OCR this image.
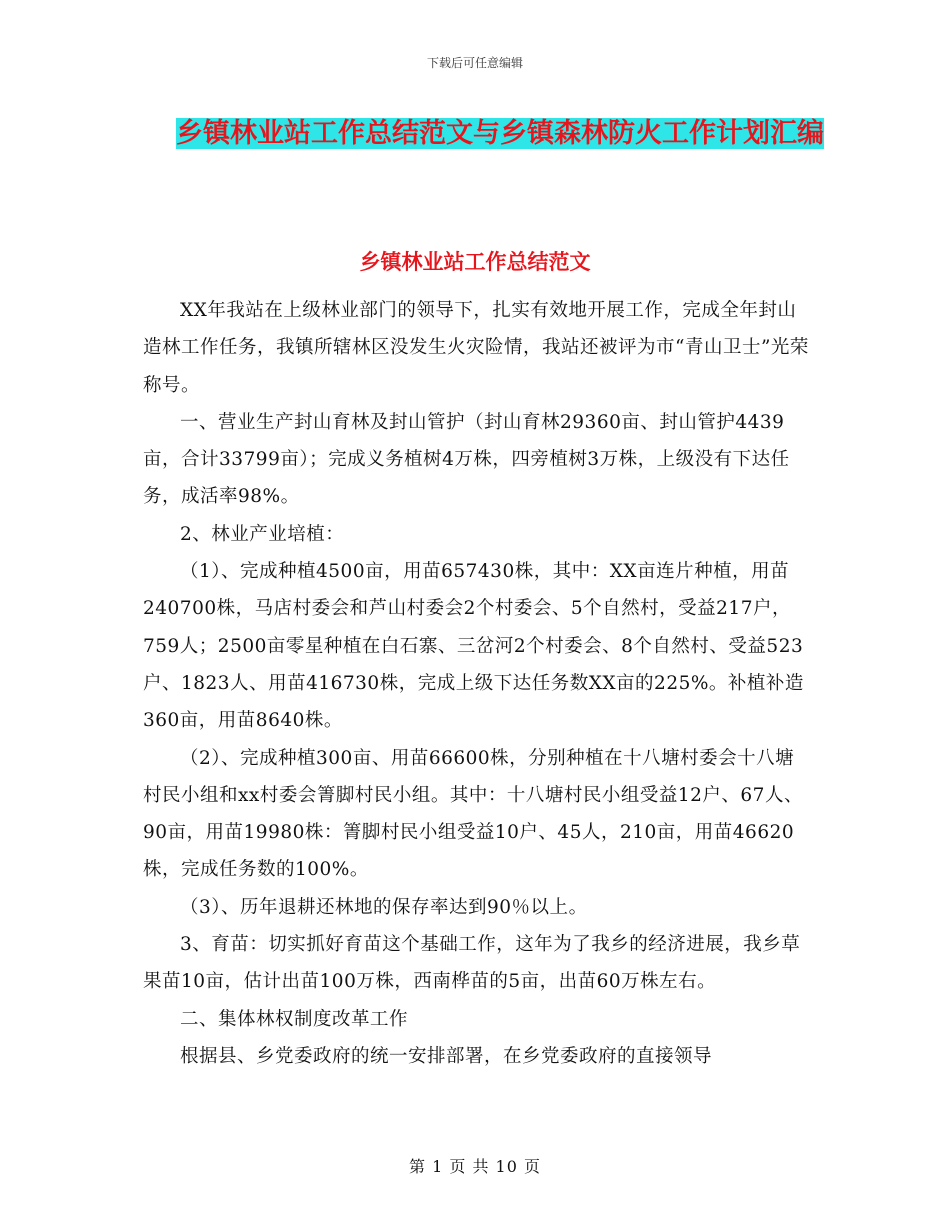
下载后可任意编辑
乡镇林业站工作总结范文与乡镇森林防火工作计划汇编
乡镇林业站工作总结范文

XX年我站在上级林业部门的领导下，扎实有效地开展工作，完成全年封山造林工作任务，我镇所辖林区没发生火灾险情，我站还被评为市“青山卫士”光荣称号。

一、营业生产封山育林及封山管护（封山育林29360亩、封山管护4439亩，合计33799亩）；完成义务植树4万株，四旁植树3万株，上级没有下达任务，成活率98%。

2、林业产业培植：

（1）、完成种植4500亩，用苗657430株，其中：XX亩连片种植，用苗240700株，马店村委会和芦山村委会2个村委会、5个自然村，受益217户，759人；2500亩零星种植在白石寨、三岔河2个村委会、8个自然村、受益523户、1823人、用苗416730株，完成上级下达任务数XX亩的225%。补植补造360亩，用苗8640株。

（2）、完成种植300亩、用苗66600株，分别种植在十八塘村委会十八塘村民小组和xx村委会箐脚村民小组。其中：十八塘村民小组受益12户、67人、90亩，用苗19980株：箐脚村民小组受益10户、45人，210亩，用苗46620株，完成任务数的100%。

（3）、历年退耕还林地的保存率达到90％以上。

3、育苗：切实抓好育苗这个基础工作，这年为了我乡的经济进展，我乡草果苗10亩，估计出苗100万株，西南桦苗的5亩，出苗60万株左右。

二、集体林权制度改革工作

根据县、乡党委政府的统一安排部署，在乡党委政府的直接领导

第 1 页 共 10 页
